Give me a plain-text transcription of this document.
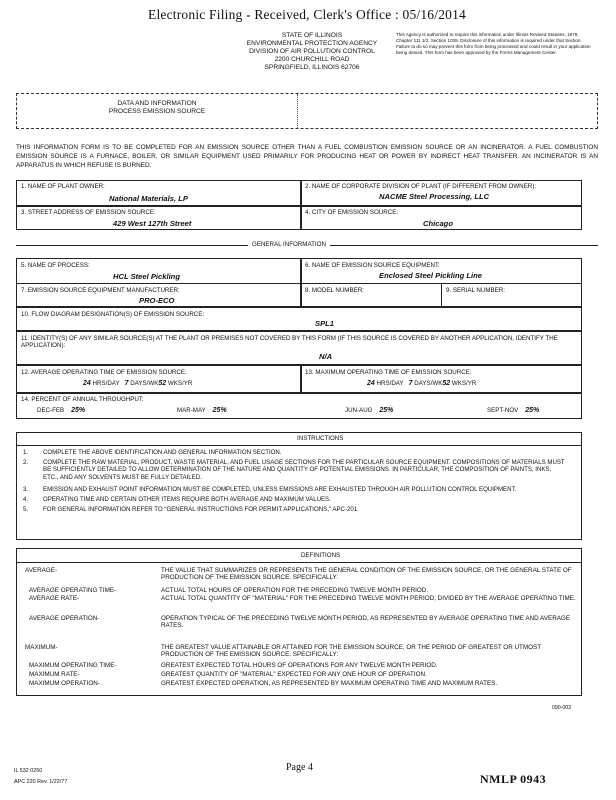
Electronic Filing - Received, Clerk's Office : 05/16/2014
STATE OF ILLINOIS
ENVIRONMENTAL PROTECTION AGENCY
DIVISION OF AIR POLLUTION CONTROL
2200 CHURCHILL ROAD
SPRINGFIELD, ILLINOIS 62706
This Agency is authorized to require this information under Illinois Revised Statutes, 1979, Chapter 111 1/2, Section 1039. Disclosure of this information is required under that Section. Failure to do so may prevent this form from being processed and could result in your application being denied. This form has been approved by the Forms Management Center.
DATA AND INFORMATION
PROCESS EMISSION SOURCE
THIS INFORMATION FORM IS TO BE COMPLETED FOR AN EMISSION SOURCE OTHER THAN A FUEL COMBUSTION EMISSION SOURCE OR AN INCINERATOR. A FUEL COMBUSTION EMISSION SOURCE IS A FURNACE, BOILER, OR SIMILAR EQUIPMENT USED PRIMARILY FOR PRODUCING HEAT OR POWER BY INDIRECT HEAT TRANSFER. AN INCINERATOR IS AN APPARATUS IN WHICH REFUSE IS BURNED.
1. NAME OF PLANT OWNER:
National Materials, LP
2. NAME OF CORPORATE DIVISION OF PLANT (IF DIFFERENT FROM OWNER):
NACME Steel Processing, LLC
3. STREET ADDRESS OF EMISSION SOURCE:
429 West 127th Street
4. CITY OF EMISSION SOURCE:
Chicago
GENERAL INFORMATION
5. NAME OF PROCESS:
HCL Steel Pickling
6. NAME OF EMISSION SOURCE EQUIPMENT:
Enclosed Steel Pickling Line
7. EMISSION SOURCE EQUIPMENT MANUFACTURER:
PRO-ECO
8. MODEL NUMBER:	9. SERIAL NUMBER:
10. FLOW DIAGRAM DESIGNATION(S) OF EMISSION SOURCE:
SPL1
11. IDENTITY(S) OF ANY SIMILAR SOURCE(S) AT THE PLANT OR PREMISES NOT COVERED BY THIS FORM (IF THIS SOURCE IS COVERED BY ANOTHER APPLICATION, IDENTIFY THE APPLICATION):
N/A
12. AVERAGE OPERATING TIME OF EMISSION SOURCE:
24 HRS/DAY 7 DAYS/WK52 WKS/YR
13. MAXIMUM OPERATING TIME OF EMISSION SOURCE:
24 HRS/DAY 7 DAYS/WK52 WKS/YR
14. PERCENT OF ANNUAL THROUGHPUT:
DEC-FEB 25%	MAR-MAY 25%	JUN-AUG 25%	SEPT-NOV 25%
INSTRUCTIONS
1. COMPLETE THE ABOVE IDENTIFICATION AND GENERAL INFORMATION SECTION.
2. COMPLETE THE RAW MATERIAL, PRODUCT, WASTE MATERIAL, AND FUEL USAGE SECTIONS FOR THE PARTICULAR SOURCE EQUIPMENT. COMPOSITIONS OF MATERIALS MUST BE SUFFICIENTLY DETAILED TO ALLOW DETERMINATION OF THE NATURE AND QUANTITY OF POTENTIAL EMISSIONS. IN PARTICULAR, THE COMPOSITION OF PAINTS, INKS, ETC., AND ANY SOLVENTS MUST BE FULLY DETAILED.
3. EMISSION AND EXHAUST POINT INFORMATION MUST BE COMPLETED, UNLESS EMISSIONS ARE EXHAUSTED THROUGH AIR POLLUTION CONTROL EQUIPMENT.
4. OPERATING TIME AND CERTAIN OTHER ITEMS REQUIRE BOTH AVERAGE AND MAXIMUM VALUES.
5. FOR GENERAL INFORMATION REFER TO "GENERAL INSTRUCTIONS FOR PERMIT APPLICATIONS," APC-201.
DEFINITIONS
AVERAGE-	THE VALUE THAT SUMMARIZES OR REPRESENTS THE GENERAL CONDITION OF THE EMISSION SOURCE, OR THE GENERAL STATE OF PRODUCTION OF THE EMISSION SOURCE. SPECIFICALLY:
AVERAGE OPERATING TIME-	ACTUAL TOTAL HOURS OF OPERATION FOR THE PRECEDING TWELVE MONTH PERIOD.
AVERAGE RATE-	ACTUAL TOTAL QUANTITY OF "MATERIAL" FOR THE PRECEDING TWELVE MONTH PERIOD, DIVIDED BY THE AVERAGE OPERATING TIME.
AVERAGE OPERATION-	OPERATION TYPICAL OF THE PRECEDING TWELVE MONTH PERIOD, AS REPRESENTED BY AVERAGE OPERATING TIME AND AVERAGE RATES.
MAXIMUM-	THE GREATEST VALUE ATTAINABLE OR ATTAINED FOR THE EMISSION SOURCE, OR THE PERIOD OF GREATEST OR UTMOST PRODUCTION OF THE EMISSION SOURCE. SPECIFICALLY:
MAXIMUM OPERATING TIME-	GREATEST EXPECTED TOTAL HOURS OF OPERATIONS FOR ANY TWELVE MONTH PERIOD.
MAXIMUM RATE-	GREATEST QUANTITY OF "MATERIAL" EXPECTED FOR ANY ONE HOUR OF OPERATION.
MAXIMUM OPERATION-	GREATEST EXPECTED OPERATION, AS REPRESENTED BY MAXIMUM OPERATING TIME AND MAXIMUM RATES.
090-003
IL 532 0250
APC 220 Rev. 1/22/77
Page 4
NMLP 0943
